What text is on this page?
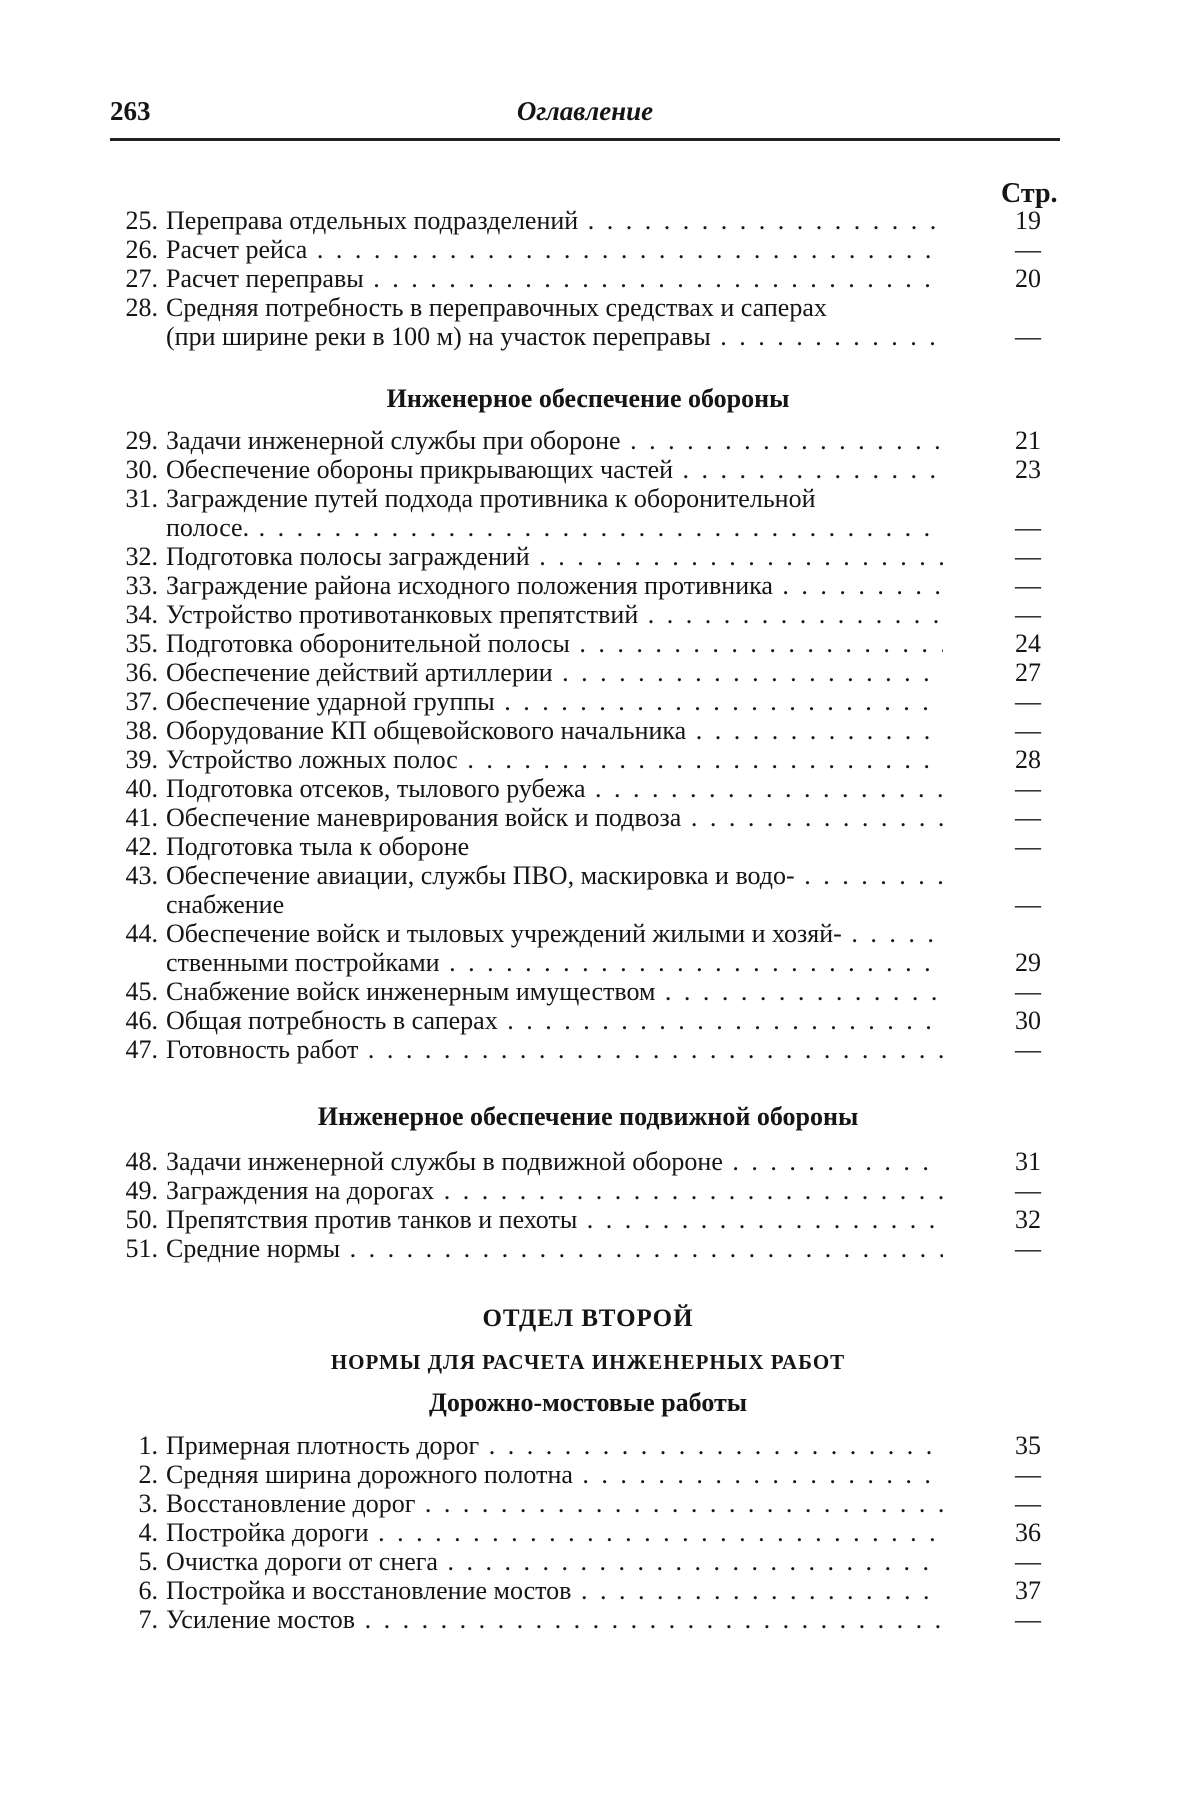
263	Оглавление
Стр.
25. Переправа отдельных подразделений . . .	19
26. Расчет рейса . . .	—
27. Расчет переправы . . .	20
28. Средняя потребность в переправочных средствах и саперах
(при ширине реки в 100 м) на участок переправы . . .	—
Инженерное обеспечение обороны
29. Задачи инженерной службы при обороне . . .	21
30. Обеспечение обороны прикрывающих частей . . .	23
31. Заграждение путей подхода противника к оборонительной
полосе. . . .	—
32. Подготовка полосы заграждений . . .	—
33. Заграждение района исходного положения противника . . .	—
34. Устройство противотанковых препятствий . . .	—
35. Подготовка оборонительной полосы . . .	24
36. Обеспечение действий артиллерии . . .	27
37. Обеспечение ударной группы . . .	—
38. Оборудование КП общевойскового начальника . . .	—
39. Устройство ложных полос . . .	28
40. Подготовка отсеков, тылового рубежа . . .	—
41. Обеспечение маневрирования войск и подвоза . . .	—
42. Подготовка тыла к обороне	—
43. Обеспечение авиации, службы ПВО, маскировка и водо- . . .
снабжение	—
44. Обеспечение войск и тыловых учреждений жилыми и хозяй- . . .
ственными постройками . . .	29
45. Снабжение войск инженерным имуществом . . .	—
46. Общая потребность в саперах . . .	30
47. Готовность работ . . .	—
Инженерное обеспечение подвижной обороны
48. Задачи инженерной службы в подвижной обороне . . .	31
49. Заграждения на дорогах . . .	—
50. Препятствия против танков и пехоты . . .	32
51. Средние нормы . . .	—
ОТДЕЛ ВТОРОЙ
НОРМЫ ДЛЯ РАСЧЕТА ИНЖЕНЕРНЫХ РАБОТ
Дорожно-мостовые работы
1. Примерная плотность дорог . . .	35
2. Средняя ширина дорожного полотна . . .	—
3. Восстановление дорог . . .	—
4. Постройка дороги . . .	36
5. Очистка дороги от снега . . .	—
6. Постройка и восстановление мостов . . .	37
7. Усиление мостов . . .	—
